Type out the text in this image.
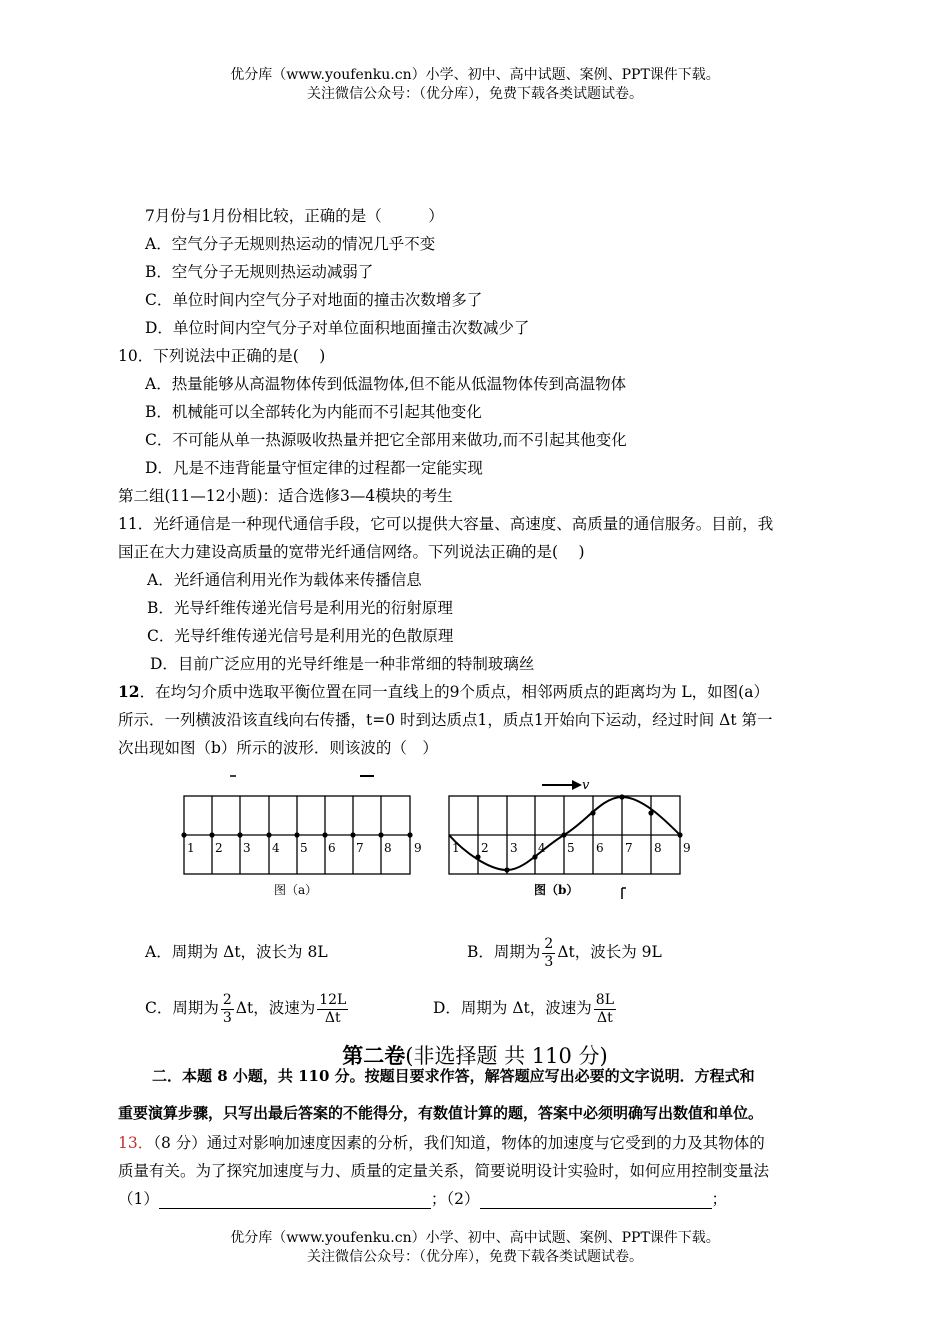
优分库（www.youfenku.cn）小学、初中、高中试题、案例、PPT课件下载。
关注微信公众号：（优分库），免费下载各类试题试卷。
7月份与1月份相比较，正确的是（　　　）
A．空气分子无规则热运动的情况几乎不变
B．空气分子无规则热运动减弱了
C．单位时间内空气分子对地面的撞击次数增多了
D．单位时间内空气分子对单位面积地面撞击次数减少了
10．下列说法中正确的是(　 )
A．热量能够从高温物体传到低温物体,但不能从低温物体传到高温物体
B．机械能可以全部转化为内能而不引起其他变化
C．不可能从单一热源吸收热量并把它全部用来做功,而不引起其他变化
D．凡是不违背能量守恒定律的过程都一定能实现
第二组(11—12小题)：适合选修3—4模块的考生
11．光纤通信是一种现代通信手段，它可以提供大容量、高速度、高质量的通信服务。目前，我
国正在大力建设高质量的宽带光纤通信网络。下列说法正确的是(　 )
A．光纤通信利用光作为载体来传播信息
B．光导纤维传递光信号是利用光的衍射原理
C．光导纤维传递光信号是利用光的色散原理
D．目前广泛应用的光导纤维是一种非常细的特制玻璃丝
12．在均匀介质中选取平衡位置在同一直线上的9个质点，相邻两质点的距离均为 L，如图(a）
所示．一列横波沿该直线向右传播，t=0 时到达质点1，质点1开始向下运动，经过时间 Δt 第一
次出现如图（b）所示的波形．则该波的（　）
1 2 3 4 5 6 7 8 9
图（a）
v
1 2 3 4 5 6 7 8 9
图（b）
A．周期为 Δt，波长为 8L	B．周期为 $\frac{2}{3}$ Δt，波长为 9L
C．周期为 $\frac{2}{3}$ Δt，波速为 $\frac{12L}{\Delta t}$	D．周期为 Δt，波速为 $\frac{8L}{\Delta t}$
第二卷(非选择题 共 110 分)
二．本题 8 小题，共 110 分。按题目要求作答，解答题应写出必要的文字说明．方程式和
重要演算步骤，只写出最后答案的不能得分，有数值计算的题，答案中必须明确写出数值和单位。
13．（8 分）通过对影响加速度因素的分析，我们知道，物体的加速度与它受到的力及其物体的
质量有关。为了探究加速度与力、质量的定量关系，简要说明设计实验时，如何应用控制变量法
（1）	；（2）	；
优分库（www.youfenku.cn）小学、初中、高中试题、案例、PPT课件下载。
关注微信公众号：（优分库），免费下载各类试题试卷。
